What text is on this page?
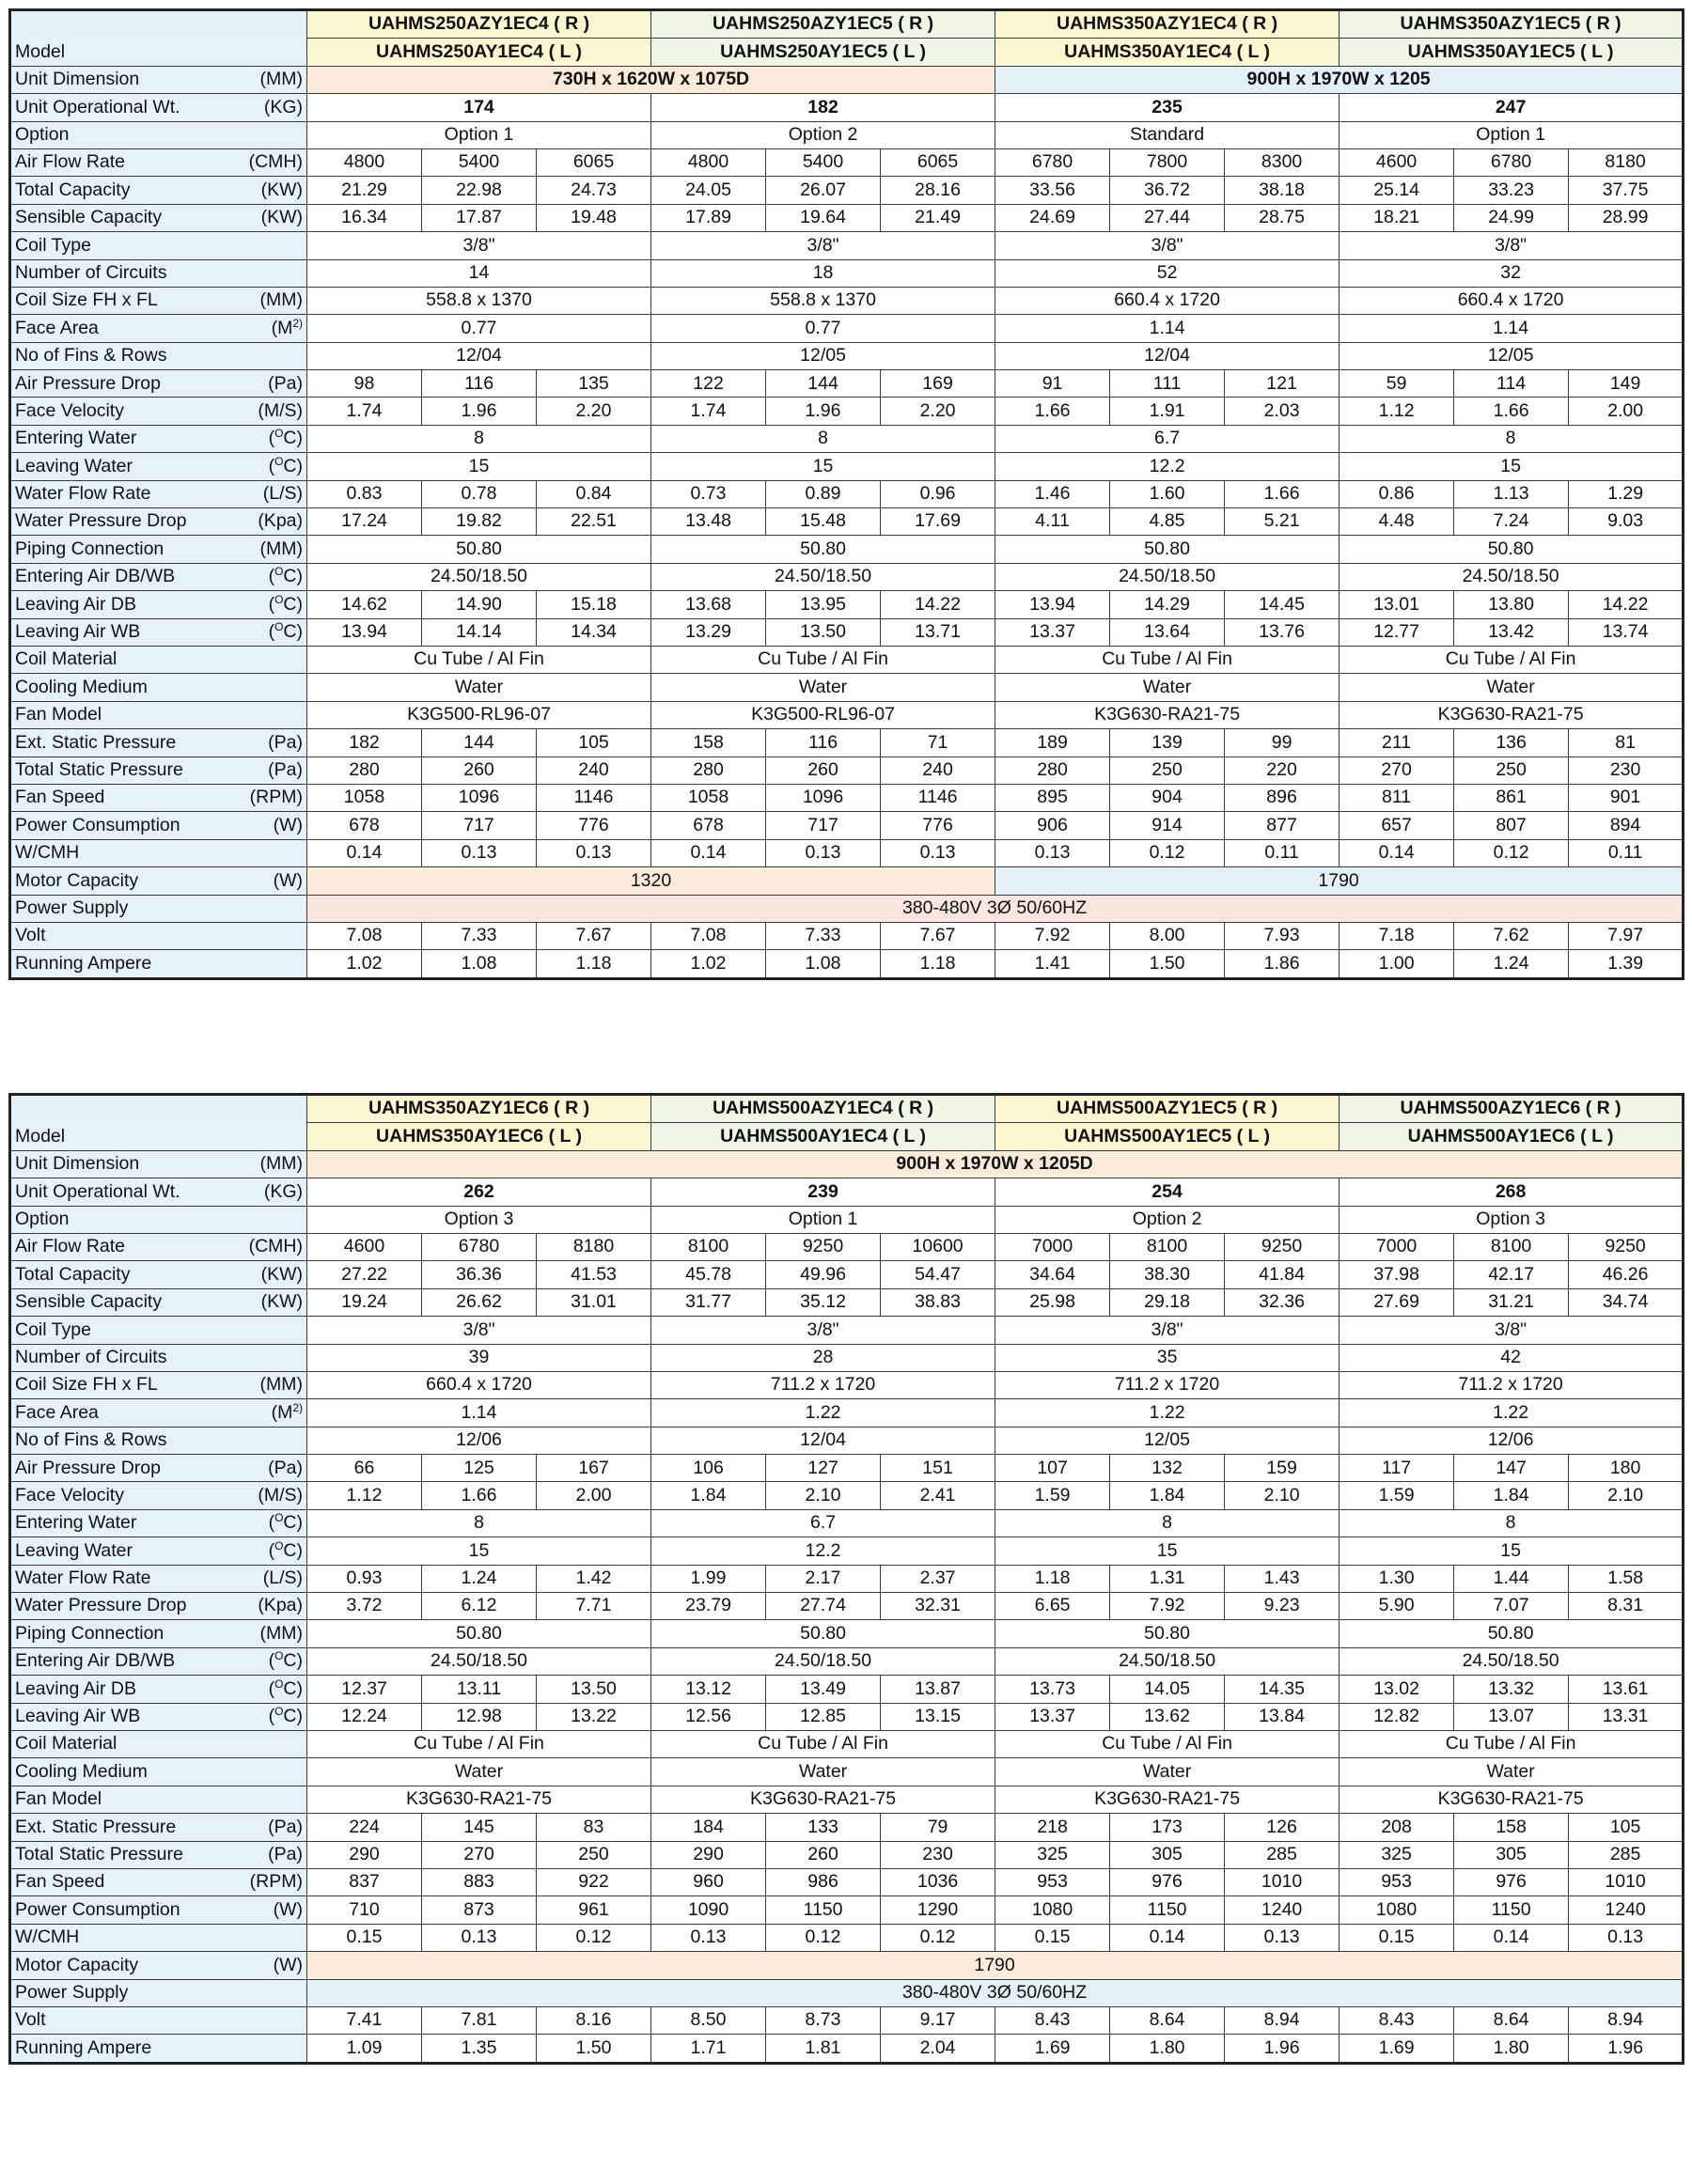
	UAHMS250AZY1EC4 ( R )			UAHMS250AZY1EC5 ( R )			UAHMS350AZY1EC4 ( R )			UAHMS350AZY1EC5 ( R )		

Model	UAHMS250AY1EC4 ( L )			UAHMS250AY1EC5 ( L )			UAHMS350AY1EC4 ( L )			UAHMS350AY1EC5 ( L )		

Unit Dimension (MM)	730H x 1620W x 1075D						900H x 1970W x 1205					

Unit Operational Wt. (KG)	174			182			235			247		

Option	Option 1			Option 2			Standard			Option 1		

Air Flow Rate (CMH)	4800	5400	6065	4800	5400	6065	6780	7800	8300	4600	6780	8180

Total Capacity (KW)	21.29	22.98	24.73	24.05	26.07	28.16	33.56	36.72	38.18	25.14	33.23	37.75

Sensible Capacity (KW)	16.34	17.87	19.48	17.89	19.64	21.49	24.69	27.44	28.75	18.21	24.99	28.99

Coil Type	3/8"			3/8"			3/8"			3/8"		

Number of Circuits	14			18			52			32		

Coil Size FH x FL (MM)	558.8 x 1370			558.8 x 1370			660.4 x 1720			660.4 x 1720		

Face Area ($M^{2)}$	0.77			0.77			1.14			1.14		

No of Fins & Rows	12/04			12/05			12/04			12/05		

Air Pressure Drop (Pa)	98	116	135	122	144	169	91	111	121	59	114	149

Face Velocity (M/S)	1.74	1.96	2.20	1.74	1.96	2.20	1.66	1.91	2.03	1.12	1.66	2.00

Entering Water ($^O$C)	8			8			6.7			8		

Leaving Water ($^O$C)	15			15			12.2			15		

Water Flow Rate (L/S)	0.83	0.78	0.84	0.73	0.89	0.96	1.46	1.60	1.66	0.86	1.13	1.29

Water Pressure Drop (Kpa)	17.24	19.82	22.51	13.48	15.48	17.69	4.11	4.85	5.21	4.48	7.24	9.03

Piping Connection (MM)	50.80			50.80			50.80			50.80		

Entering Air DB/WB ($^O$C)	24.50/18.50			24.50/18.50			24.50/18.50			24.50/18.50		

Leaving Air DB ($^O$C)	14.62	14.90	15.18	13.68	13.95	14.22	13.94	14.29	14.45	13.01	13.80	14.22

Leaving Air WB ($^O$C)	13.94	14.14	14.34	13.29	13.50	13.71	13.37	13.64	13.76	12.77	13.42	13.74

Coil Material	Cu Tube / Al Fin			Cu Tube / Al Fin			Cu Tube / Al Fin			Cu Tube / Al Fin		

Cooling Medium	Water			Water			Water			Water		

Fan Model	K3G500-RL96-07			K3G500-RL96-07			K3G630-RA21-75			K3G630-RA21-75		

Ext. Static Pressure (Pa)	182	144	105	158	116	71	189	139	99	211	136	81

Total Static Pressure (Pa)	280	260	240	280	260	240	280	250	220	270	250	230

Fan Speed (RPM)	1058	1096	1146	1058	1096	1146	895	904	896	811	861	901

Power Consumption (W)	678	717	776	678	717	776	906	914	877	657	807	894

W/CMH	0.14	0.13	0.13	0.14	0.13	0.13	0.13	0.12	0.11	0.14	0.12	0.11

Motor Capacity (W)	1320						1790					

Power Supply	380-480V 3Ø 50/60HZ											

Volt	7.08	7.33	7.67	7.08	7.33	7.67	7.92	8.00	7.93	7.18	7.62	7.97

Running Ampere	1.02	1.08	1.18	1.02	1.08	1.18	1.41	1.50	1.86	1.00	1.24	1.39
	UAHMS350AZY1EC6 ( R )			UAHMS500AZY1EC4 ( R )			UAHMS500AZY1EC5 ( R )			UAHMS500AZY1EC6 ( R )		

Model	UAHMS350AY1EC6 ( L )			UAHMS500AY1EC4 ( L )			UAHMS500AY1EC5 ( L )			UAHMS500AY1EC6 ( L )		

Unit Dimension (MM)	900H x 1970W x 1205D											

Unit Operational Wt. (KG)	262			239			254			268		

Option	Option 3			Option 1			Option 2			Option 3		

Air Flow Rate (CMH)	4600	6780	8180	8100	9250	10600	7000	8100	9250	7000	8100	9250

Total Capacity (KW)	27.22	36.36	41.53	45.78	49.96	54.47	34.64	38.30	41.84	37.98	42.17	46.26

Sensible Capacity (KW)	19.24	26.62	31.01	31.77	35.12	38.83	25.98	29.18	32.36	27.69	31.21	34.74

Coil Type	3/8"			3/8"			3/8"			3/8"		

Number of Circuits	39			28			35			42		

Coil Size FH x FL (MM)	660.4 x 1720			711.2 x 1720			711.2 x 1720			711.2 x 1720		

Face Area ($M^{2)}$	1.14			1.22			1.22			1.22		

No of Fins & Rows	12/06			12/04			12/05			12/06		

Air Pressure Drop (Pa)	66	125	167	106	127	151	107	132	159	117	147	180

Face Velocity (M/S)	1.12	1.66	2.00	1.84	2.10	2.41	1.59	1.84	2.10	1.59	1.84	2.10

Entering Water ($^O$C)	8			6.7			8			8		

Leaving Water ($^O$C)	15			12.2			15			15		

Water Flow Rate (L/S)	0.93	1.24	1.42	1.99	2.17	2.37	1.18	1.31	1.43	1.30	1.44	1.58

Water Pressure Drop (Kpa)	3.72	6.12	7.71	23.79	27.74	32.31	6.65	7.92	9.23	5.90	7.07	8.31

Piping Connection (MM)	50.80			50.80			50.80			50.80		

Entering Air DB/WB ($^O$C)	24.50/18.50			24.50/18.50			24.50/18.50			24.50/18.50		

Leaving Air DB ($^O$C)	12.37	13.11	13.50	13.12	13.49	13.87	13.73	14.05	14.35	13.02	13.32	13.61

Leaving Air WB ($^O$C)	12.24	12.98	13.22	12.56	12.85	13.15	13.37	13.62	13.84	12.82	13.07	13.31

Coil Material	Cu Tube / Al Fin			Cu Tube / Al Fin			Cu Tube / Al Fin			Cu Tube / Al Fin		

Cooling Medium	Water			Water			Water			Water		

Fan Model	K3G630-RA21-75			K3G630-RA21-75			K3G630-RA21-75			K3G630-RA21-75		

Ext. Static Pressure (Pa)	224	145	83	184	133	79	218	173	126	208	158	105

Total Static Pressure (Pa)	290	270	250	290	260	230	325	305	285	325	305	285

Fan Speed (RPM)	837	883	922	960	986	1036	953	976	1010	953	976	1010

Power Consumption (W)	710	873	961	1090	1150	1290	1080	1150	1240	1080	1150	1240

W/CMH	0.15	0.13	0.12	0.13	0.12	0.12	0.15	0.14	0.13	0.15	0.14	0.13

Motor Capacity (W)	1790											

Power Supply	380-480V 3Ø 50/60HZ											

Volt	7.41	7.81	8.16	8.50	8.73	9.17	8.43	8.64	8.94	8.43	8.64	8.94

Running Ampere	1.09	1.35	1.50	1.71	1.81	2.04	1.69	1.80	1.96	1.69	1.80	1.96
